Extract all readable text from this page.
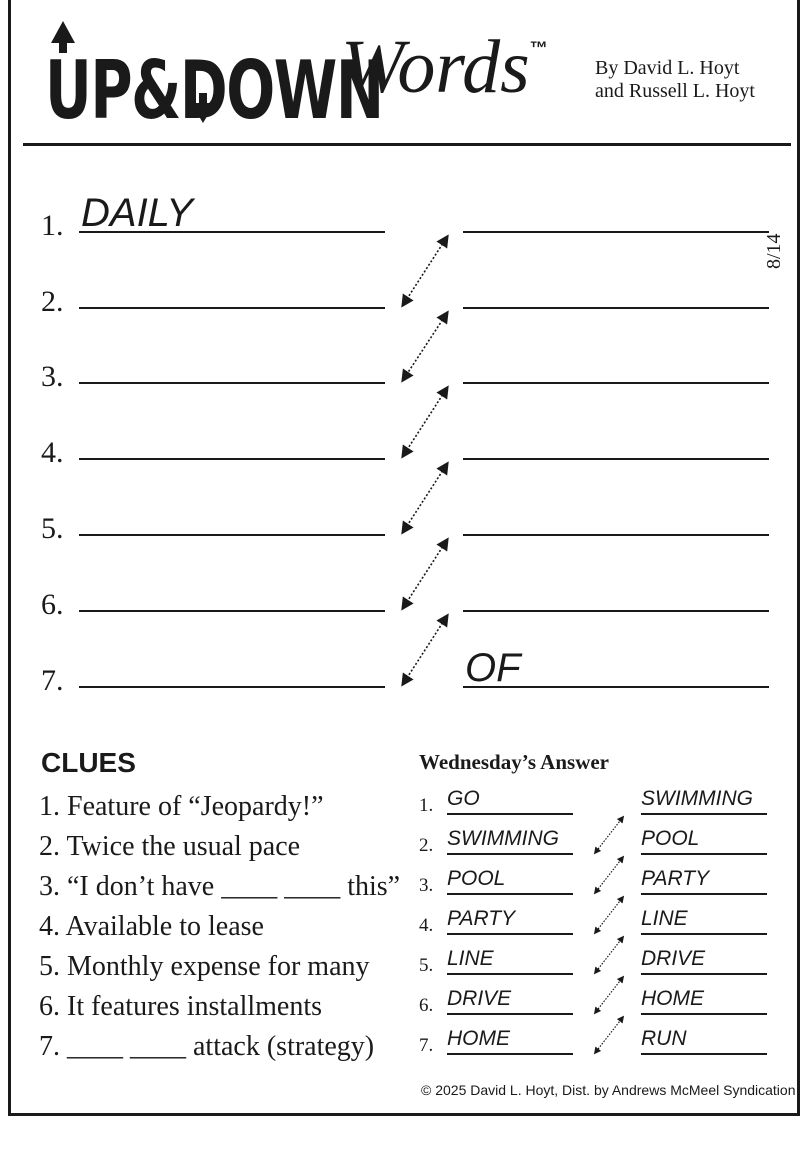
UP&DOWN
Words™
By David L. Hoyt
and Russell L. Hoyt
8/14
1. DAILY
2.
3.
4.
5.
6.
7.	OF
CLUES
1. Feature of “Jeopardy!”
2. Twice the usual pace
3. “I don’t have ____ ____ this”
4. Available to lease
5. Monthly expense for many
6. It features installments
7. ____ ____ attack (strategy)
Wednesday’s Answer
1. GO	SWIMMING
2. SWIMMING	POOL
3. POOL	PARTY
4. PARTY	LINE
5. LINE	DRIVE
6. DRIVE	HOME
7. HOME	RUN
© 2025 David L. Hoyt, Dist. by Andrews McMeel Syndication
